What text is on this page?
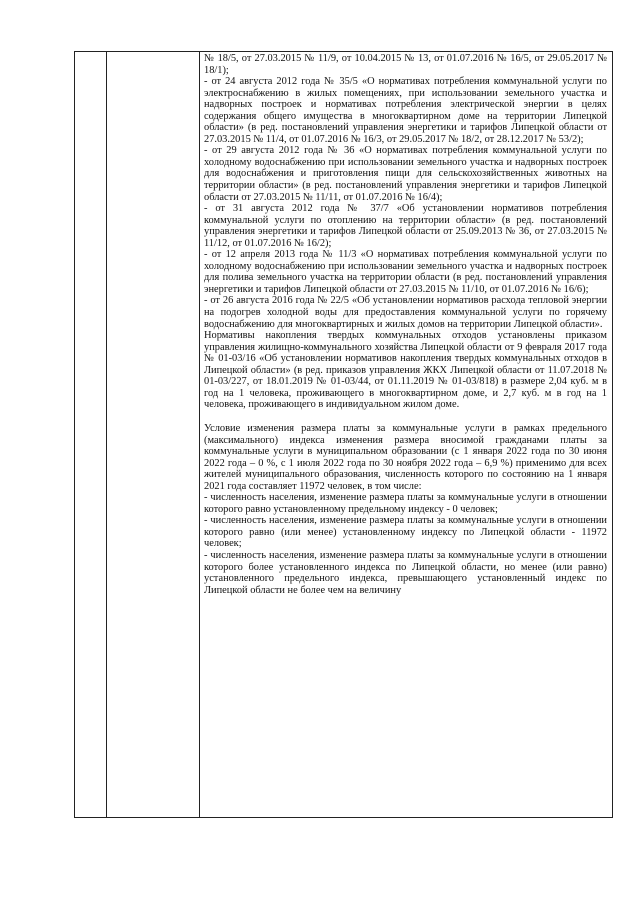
№ 18/5, от 27.03.2015 № 11/9, от 10.04.2015 № 13, от 01.07.2016 № 16/5, от 29.05.2017 № 18/1);

- от 24 августа 2012 года № 35/5 «О нормативах потребления коммунальной услуги по электроснабжению в жилых помещениях, при использовании земельного участка и надворных построек и нормативах потребления электрической энергии в целях содержания общего имущества в многоквартирном доме на территории Липецкой области» (в ред. постановлений управления энергетики и тарифов Липецкой области от 27.03.2015 № 11/4, от 01.07.2016 № 16/3, от 29.05.2017 № 18/2, от 28.12.2017 № 53/2);

- от 29 августа 2012 года № 36 «О нормативах потребления коммунальной услуги по холодному водоснабжению при использовании земельного участка и надворных построек для водоснабжения и приготовления пищи для сельскохозяйственных животных на территории области» (в ред. постановлений управления энергетики и тарифов Липецкой области от 27.03.2015 № 11/11, от 01.07.2016 № 16/4);

- от 31 августа 2012 года № 37/7 «Об установлении нормативов потребления коммунальной услуги по отоплению на территории области» (в ред. постановлений управления энергетики и тарифов Липецкой области от 25.09.2013 № 36, от 27.03.2015 № 11/12, от 01.07.2016 № 16/2);

- от 12 апреля 2013 года № 11/3 «О нормативах потребления коммунальной услуги по холодному водоснабжению при использовании земельного участка и надворных построек для полива земельного участка на территории области (в ред. постановлений управления энергетики и тарифов Липецкой области от 27.03.2015 № 11/10, от 01.07.2016 № 16/6);

- от 26 августа 2016 года № 22/5 «Об установлении нормативов расхода тепловой энергии на подогрев холодной воды для предоставления коммунальной услуги по горячему водоснабжению для многоквартирных и жилых домов на территории Липецкой области».

Нормативы накопления твердых коммунальных отходов установлены приказом управления жилищно-коммунального хозяйства Липецкой области от 9 февраля 2017 года № 01-03/16 «Об установлении нормативов накопления твердых коммунальных отходов в Липецкой области» (в ред. приказов управления ЖКХ Липецкой области от 11.07.2018 № 01-03/227, от 18.01.2019 № 01-03/44, от 01.11.2019 № 01-03/818) в размере 2,04 куб. м в год на 1 человека, проживающего в многоквартирном доме, и 2,7 куб. м в год на 1 человека, проживающего в индивидуальном жилом доме.

Условие изменения размера платы за коммунальные услуги в рамках предельного (максимального) индекса изменения размера вносимой гражданами платы за коммунальные услуги в муниципальном образовании (с 1 января 2022 года по 30 июня 2022 года – 0 %, с 1 июля 2022 года по 30 ноября 2022 года – 6,9 %) применимо для всех жителей муниципального образования, численность которого по состоянию на 1 января 2021 года составляет 11972 человек, в том числе:

- численность населения, изменение размера платы за коммунальные услуги в отношении которого равно установленному предельному индексу - 0 человек;

- численность населения, изменение размера платы за коммунальные услуги в отношении которого равно (или менее) установленному индексу по Липецкой области - 11972 человек;

- численность населения, изменение размера платы за коммунальные услуги в отношении которого более установленного индекса по Липецкой области, но менее (или равно) установленного предельного индекса, превышающего установленный индекс по Липецкой области не более чем на величину
